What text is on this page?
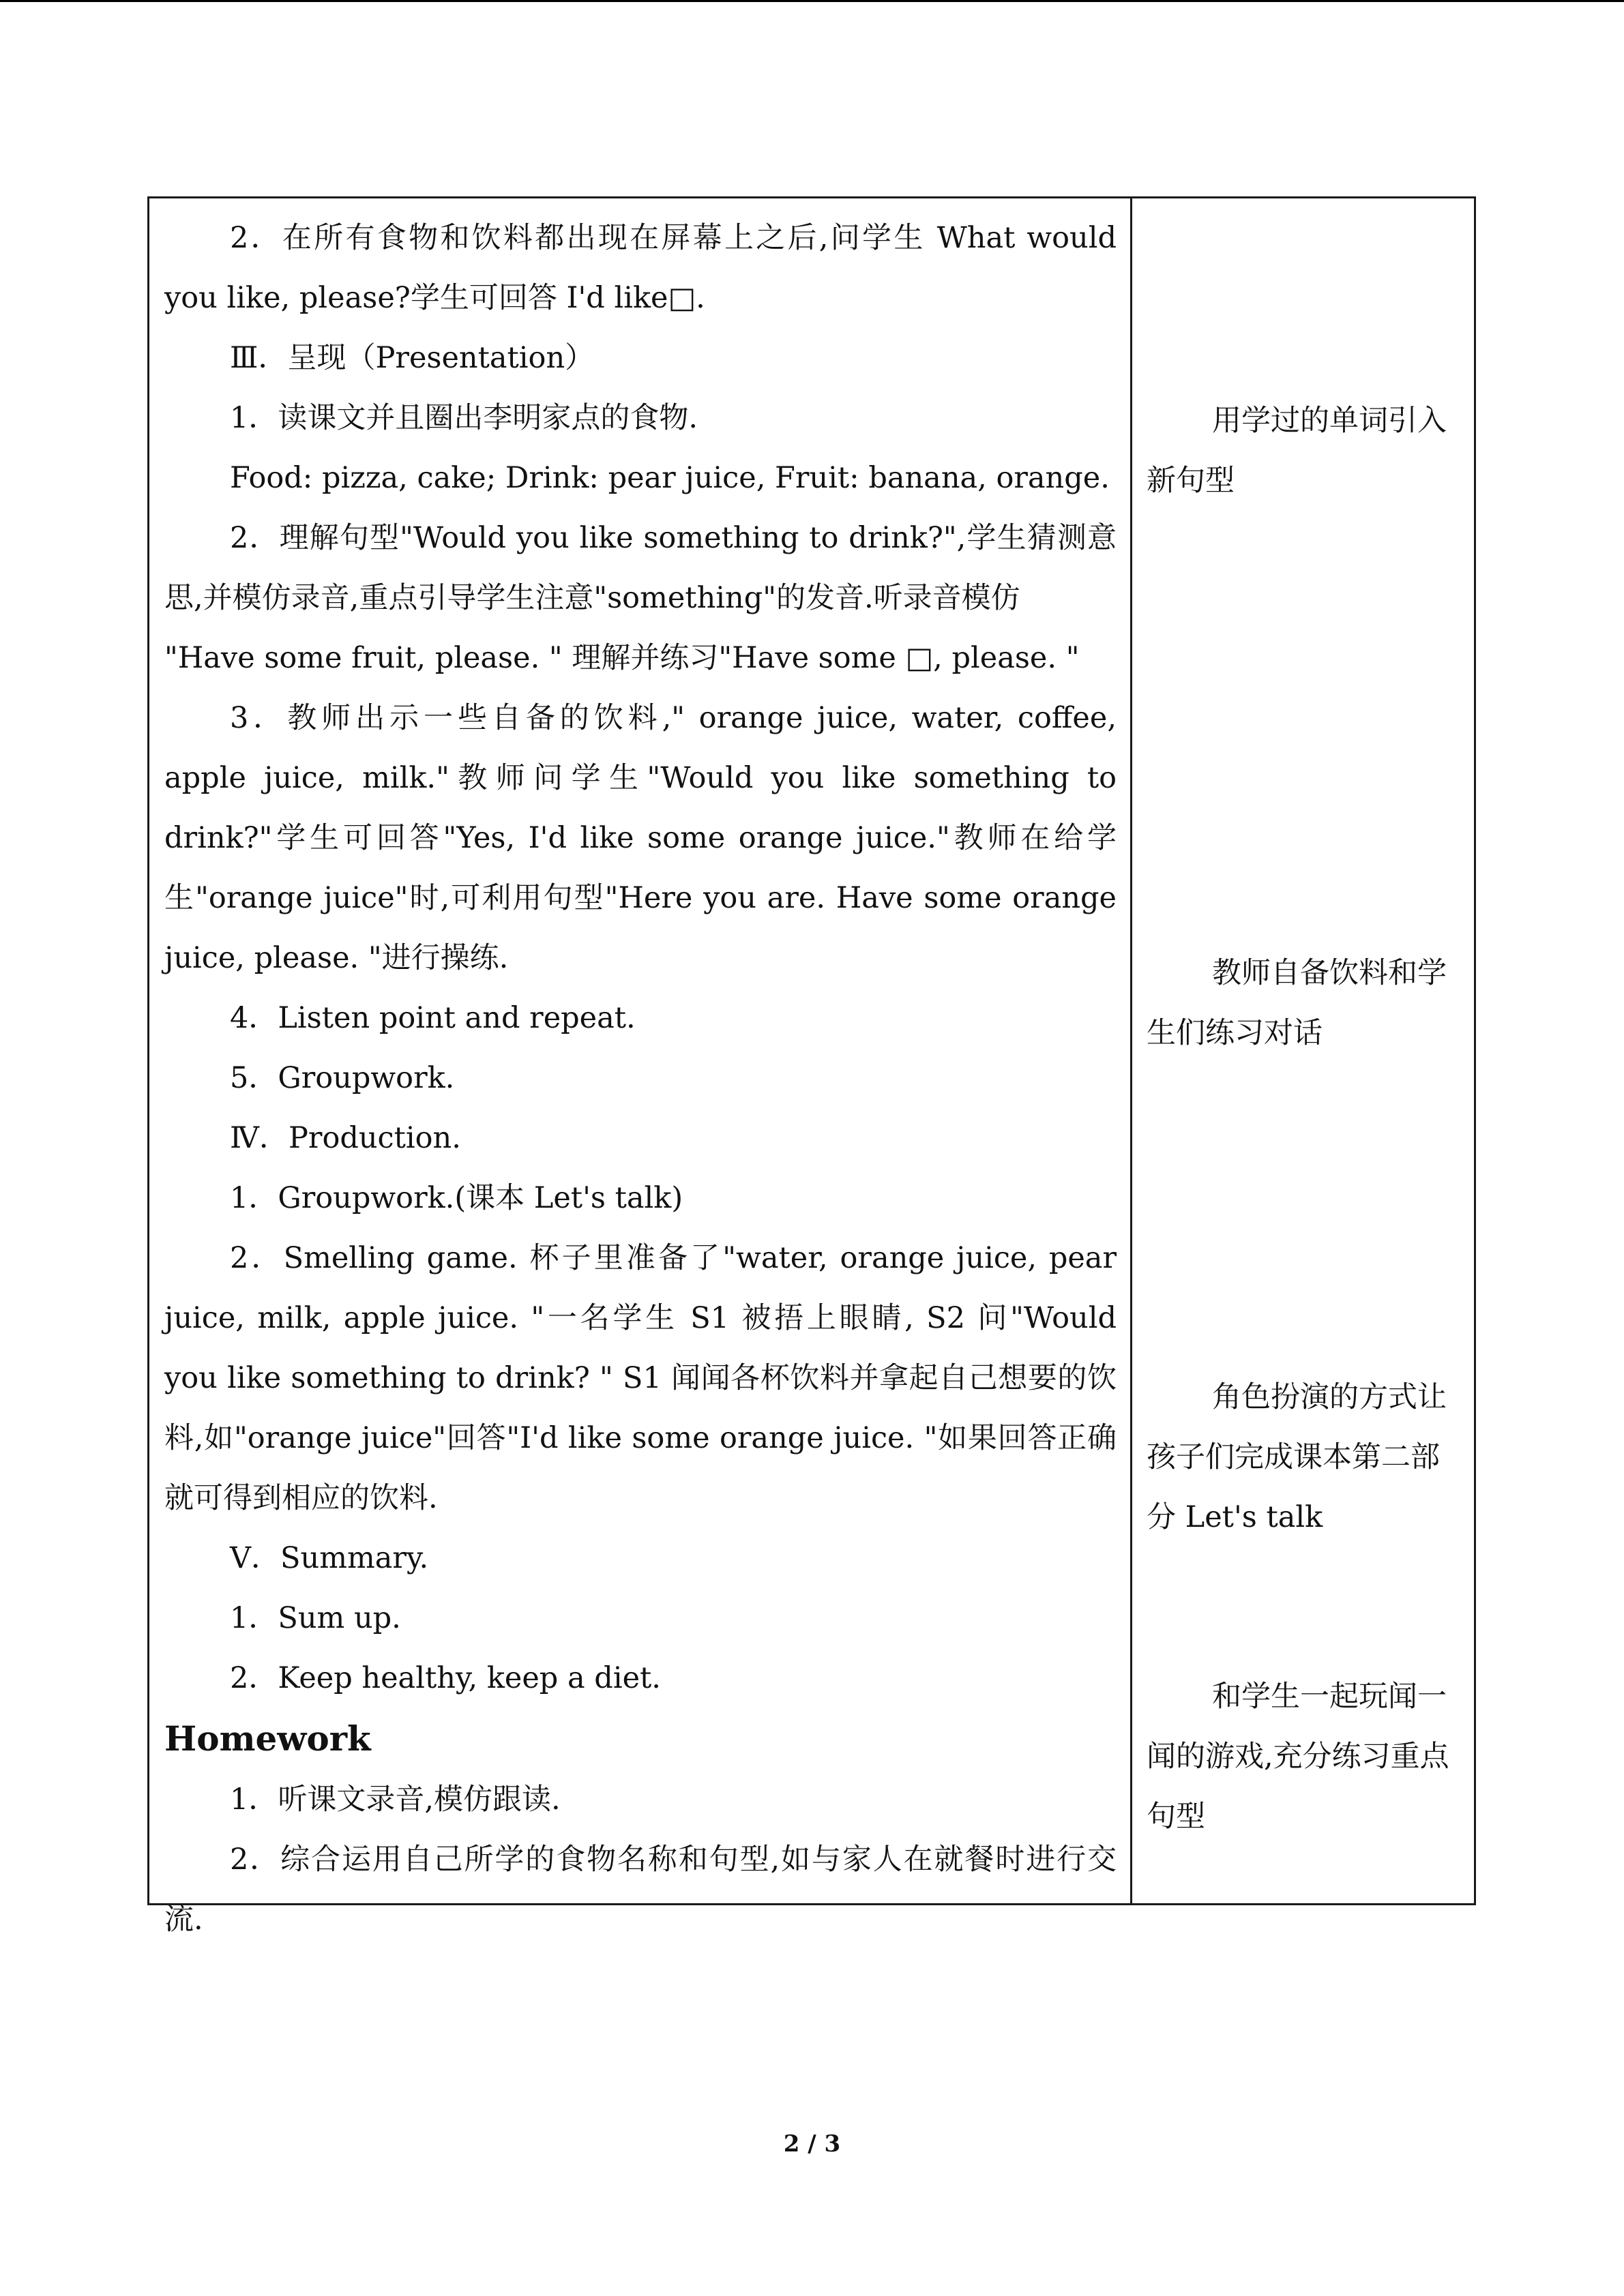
2．在所有食物和饮料都出现在屏幕上之后,问学生 What would you like, please?学生可回答 I'd like□.

Ⅲ．呈现（Presentation）

1．读课文并且圈出李明家点的食物.

Food: pizza, cake; Drink: pear juice, Fruit: banana, orange.

2．理解句型"Would you like something to drink?",学生猜测意思,并模仿录音,重点引导学生注意"something"的发音.听录音模仿

"Have some fruit, please. " 理解并练习"Have some □, please. "

3．教师出示一些自备的饮料," orange juice, water, coffee, apple juice, milk."教师问学生"Would you like something to drink?"学生可回答"Yes, I'd like some orange juice."教师在给学生"orange juice"时,可利用句型"Here you are. Have some orange juice, please. "进行操练.

4．Listen point and repeat.

5．Groupwork.

Ⅳ．Production.

1．Groupwork.(课本 Let's talk)

2．Smelling game. 杯子里准备了"water, orange juice, pear juice, milk, apple juice. "一名学生 S1 被捂上眼睛, S2 问"Would you like something to drink? " S1 闻闻各杯饮料并拿起自己想要的饮料,如"orange juice"回答"I'd like some orange juice. "如果回答正确就可得到相应的饮料.

Ⅴ．Summary.

1．Sum up.

2．Keep healthy, keep a diet.

Homework

1．听课文录音,模仿跟读.

2．综合运用自己所学的食物名称和句型,如与家人在就餐时进行交流.

用学过的单词引入新句型

教师自备饮料和学生们练习对话

角色扮演的方式让孩子们完成课本第二部分 Let's talk

和学生一起玩闻一闻的游戏,充分练习重点句型

2 / 3
